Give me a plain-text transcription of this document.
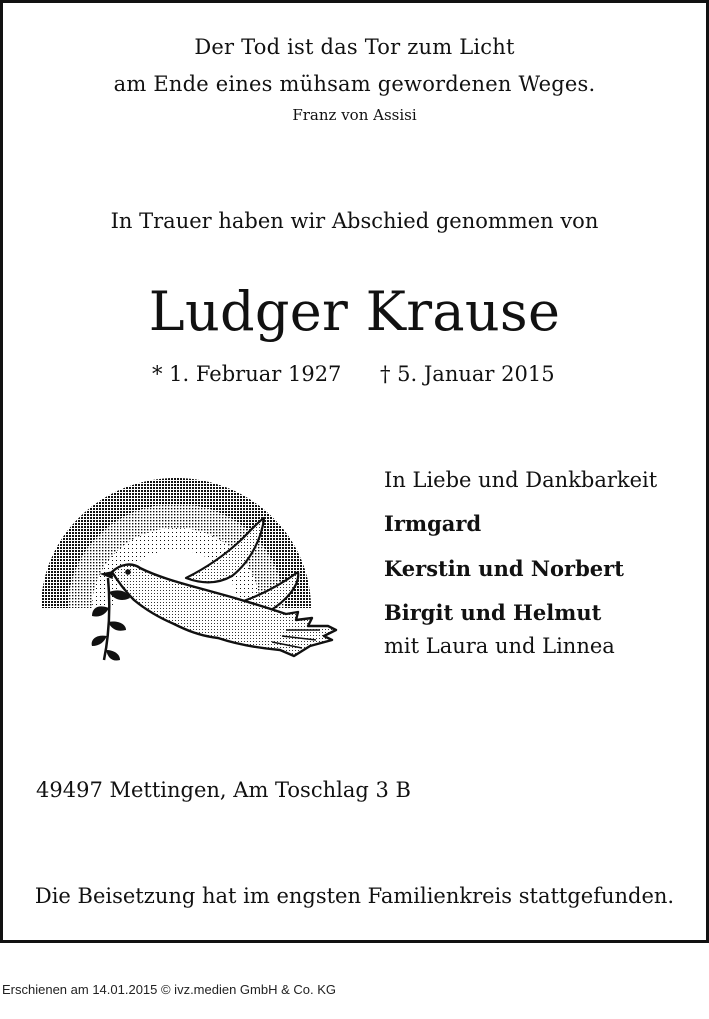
Der Tod ist das Tor zum Licht
am Ende eines mühsam gewordenen Weges.
Franz von Assisi
In Trauer haben wir Abschied genommen von
Ludger Krause
* 1. Februar 1927 † 5. Januar 2015
In Liebe und Dankbarkeit
Irmgard
Kerstin und Norbert
Birgit und Helmut
mit Laura und Linnea
49497 Mettingen, Am Toschlag 3 B
Die Beisetzung hat im engsten Familienkreis stattgefunden.
Erschienen am 14.01.2015 © ivz.medien GmbH & Co. KG
